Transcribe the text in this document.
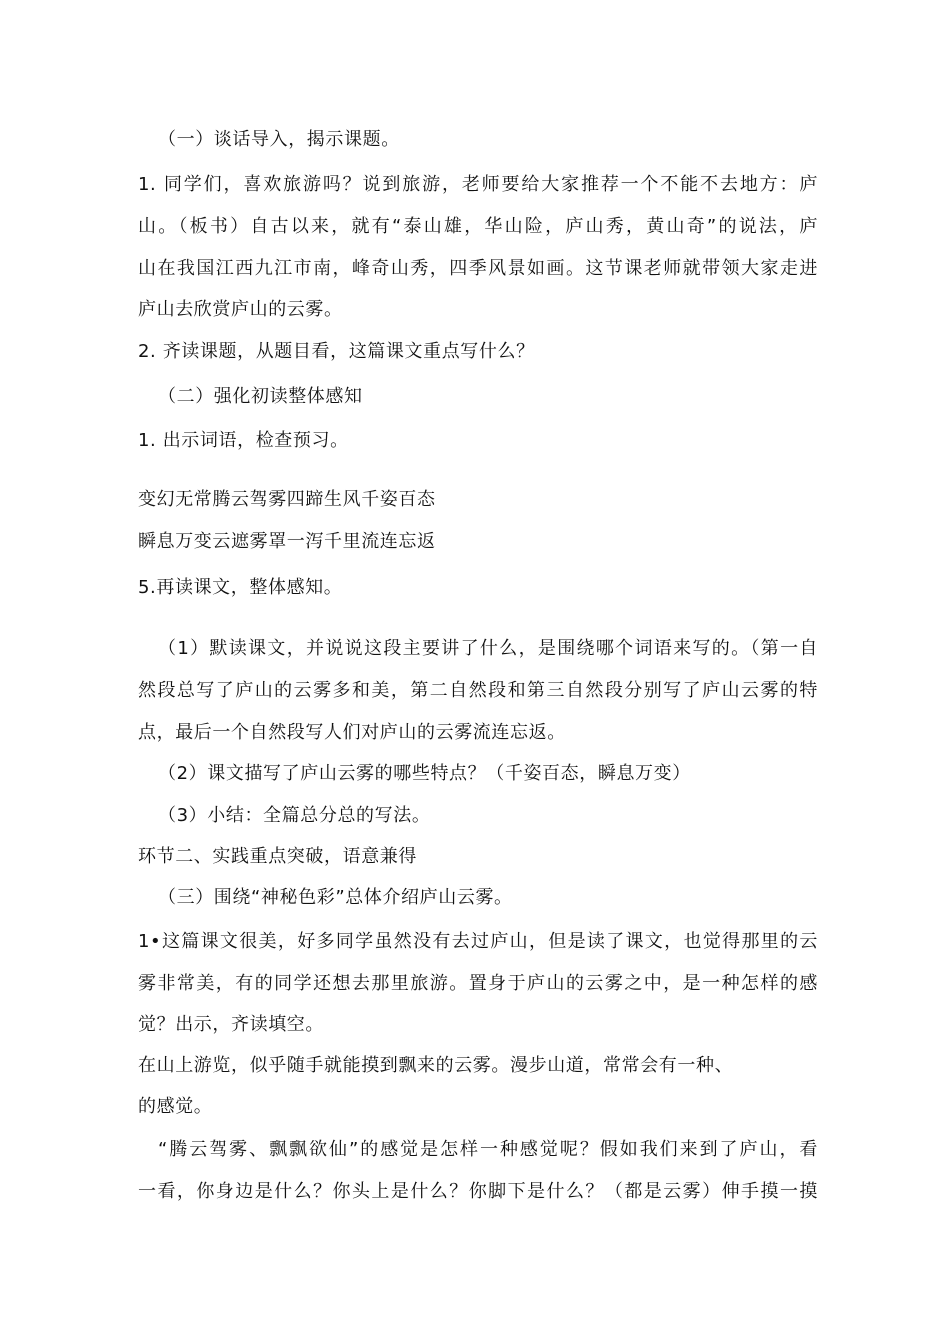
（一）谈话导入，揭示课题。
1. 同学们，喜欢旅游吗？说到旅游，老师要给大家推荐一个不能不去地方：庐
山。（板书）自古以来，就有“泰山雄，华山险，庐山秀，黄山奇”的说法，庐
山在我国江西九江市南，峰奇山秀，四季风景如画。这节课老师就带领大家走进
庐山去欣赏庐山的云雾。
2. 齐读课题，从题目看，这篇课文重点写什么？
（二）强化初读整体感知
1. 出示词语，检查预习。
变幻无常腾云驾雾四蹄生风千姿百态
瞬息万变云遮雾罩一泻千里流连忘返
5.再读课文，整体感知。
（1）默读课文，并说说这段主要讲了什么，是围绕哪个词语来写的。（第一自
然段总写了庐山的云雾多和美，第二自然段和第三自然段分别写了庐山云雾的特
点，最后一个自然段写人们对庐山的云雾流连忘返。
（2）课文描写了庐山云雾的哪些特点？（千姿百态，瞬息万变）
（3）小结：全篇总分总的写法。
环节二、实践重点突破，语意兼得
（三）围绕“神秘色彩”总体介绍庐山云雾。
1•这篇课文很美，好多同学虽然没有去过庐山，但是读了课文，也觉得那里的云
雾非常美，有的同学还想去那里旅游。置身于庐山的云雾之中，是一种怎样的感
觉？出示，齐读填空。
在山上游览，似乎随手就能摸到飘来的云雾。漫步山道，常常会有一种、
的感觉。
“腾云驾雾、飘飘欲仙”的感觉是怎样一种感觉呢？假如我们来到了庐山，看
一看，你身边是什么？你头上是什么？你脚下是什么？（都是云雾）伸手摸一摸
